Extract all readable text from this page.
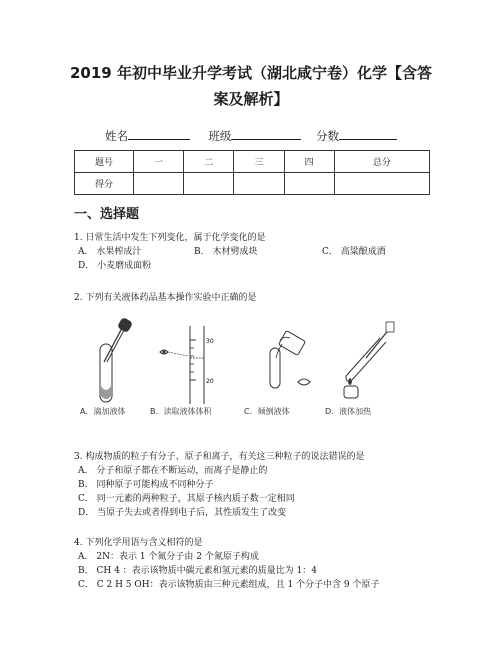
2019 年初中毕业升学考试（湖北咸宁卷）化学【含答
案及解析】
姓名	班级	分数
题号	一	二	三	四	总分
得分					
一、选择题
1. 日常生活中发生下列变化，属于化学变化的是
A． 水果榨成汁	B． 木材劈成块	C． 高粱酿成酒
D． 小麦磨成面粉
2. 下列有关液体药品基本操作实验中正确的是
30
20
A．滴加液体	B．读取液体体积	C．倾倒液体	D．液体加热
3. 构成物质的粒子有分子、原子和离子，有关这三种粒子的说法错误的是
A． 分子和原子都在不断运动，而离子是静止的
B． 同种原子可能构成不同种分子
C． 同一元素的两种粒子，其原子核内质子数一定相同
D． 当原子失去或者得到电子后，其性质发生了改变
4. 下列化学用语与含义相符的是
A． 2N：表示 1 个氮分子由 2 个氮原子构成
B． CH 4 ：表示该物质中碳元素和氢元素的质量比为 1：4
C． C 2 H 5 OH：表示该物质由三种元素组成，且 1 个分子中含 9 个原子
